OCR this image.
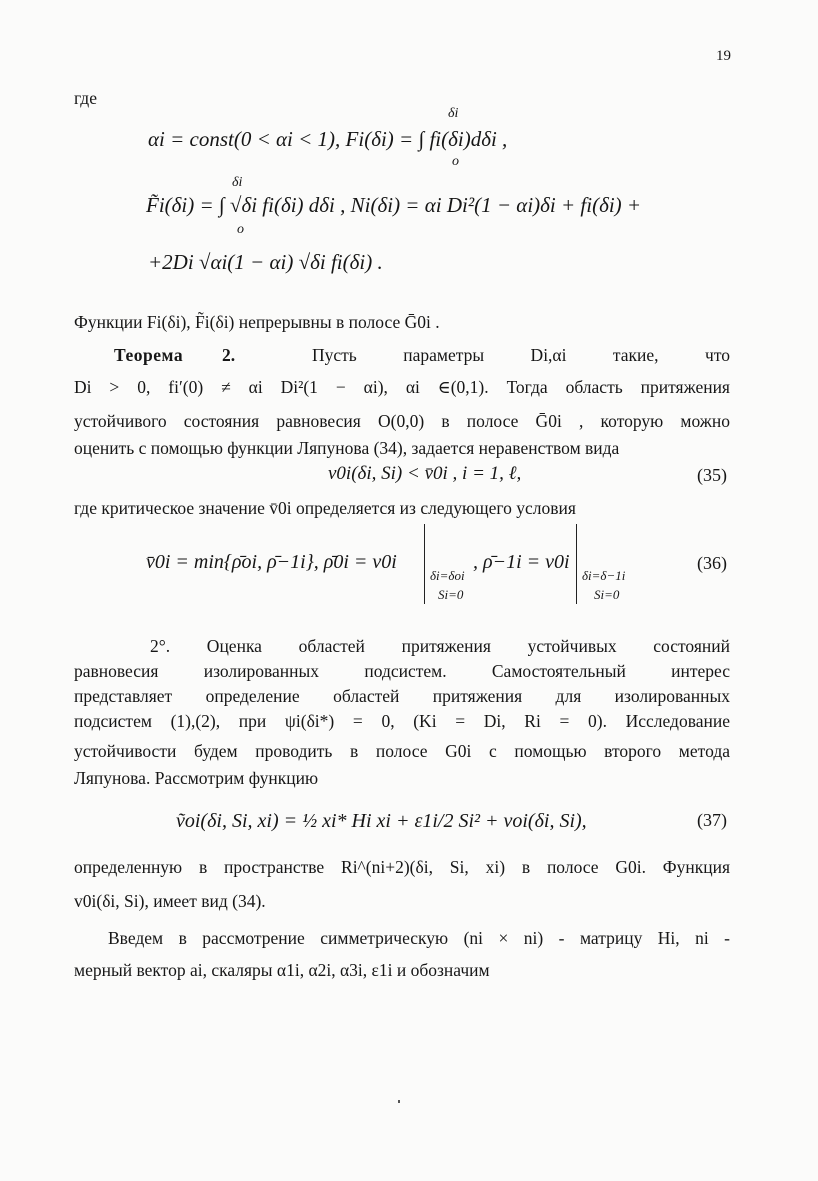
19
где
δi
αi = const(0 < αi < 1), Fi(δi) = ∫ fi(δi)dδi ,
o
δi
F̃i(δi) = ∫ √δi fi(δi) dδi , Ni(δi) = αi Di²(1 − αi)δi + fi(δi) +
o
+2Di √αi(1 − αi) √δi fi(δi) .
Функции Fi(δi), F̃i(δi) непрерывны в полосе Ḡ0i .
Теорема 2.	Пусть параметры Di,αi такие, что
Di > 0, fi′(0) ≠ αi Di²(1 − αi), αi ∈(0,1). Тогда область притяжения
устойчивого состояния равновесия O(0,0) в полосе Ḡ0i , которую можно
оценить с помощью функции Ляпунова (34), задается неравенством вида
v0i(δi, Si) < v̄0i , i = 1, ℓ,	(35)
где критическое значение v̄0i определяется из следующего условия
v̄0i = min{ρ̄oi, ρ̄−1i}, ρ̄0i = v0i
δi=δoi
Si=0
, ρ̄−1i = v0i
δi=δ−1i
Si=0
(36)
2°. Оценка областей притяжения устойчивых состояний
равновесия изолированных подсистем. Самостоятельный интерес
представляет определение областей притяжения для изолированных
подсистем (1),(2), при ψi(δi*) = 0, (Ki = Di, Ri = 0). Исследование
устойчивости будем проводить в полосе G0i с помощью второго метода
Ляпунова. Рассмотрим функцию
ṽoi(δi, Si, xi) = ½ xi* Hi xi + ε1i/2 Si² + voi(δi, Si),	(37)
определенную в пространстве Ri^(ni+2)(δi, Si, xi) в полосе G0i. Функция
v0i(δi, Si), имеет вид (34).
Введем в рассмотрение симметрическую (ni × ni) - матрицу Hi, ni -
мерный вектор ai, скаляры α1i, α2i, α3i, ε1i и обозначим
